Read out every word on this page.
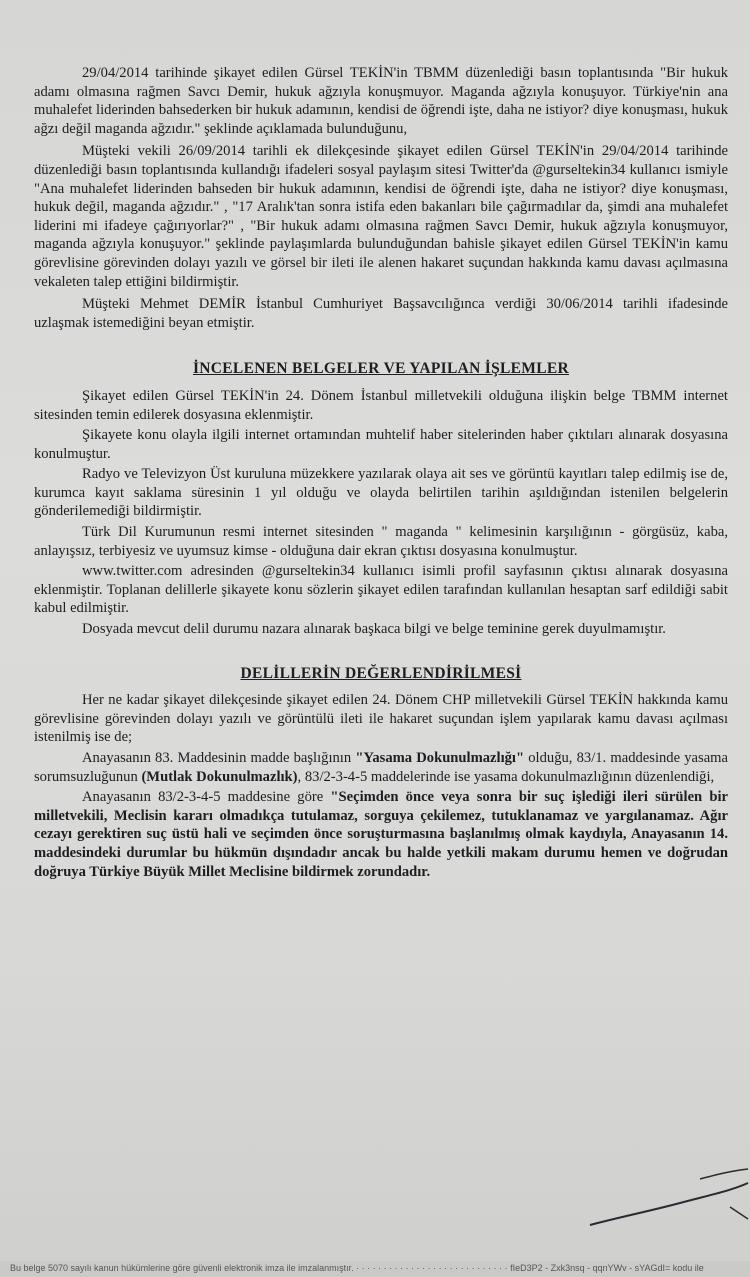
29/04/2014 tarihinde şikayet edilen Gürsel TEKİN'in TBMM düzenlediği basın toplantısında "Bir hukuk adamı olmasına rağmen Savcı Demir, hukuk ağzıyla konuşmuyor. Maganda ağzıyla konuşuyor. Türkiye'nin ana muhalefet liderinden bahsederken bir hukuk adamının, kendisi de öğrendi işte, daha ne istiyor? diye konuşması, hukuk ağzı değil maganda ağzıdır." şeklinde açıklamada bulunduğunu,

Müşteki vekili 26/09/2014 tarihli ek dilekçesinde şikayet edilen Gürsel TEKİN'in 29/04/2014 tarihinde düzenlediği basın toplantısında kullandığı ifadeleri sosyal paylaşım sitesi Twitter'da @gurseltekin34 kullanıcı ismiyle "Ana muhalefet liderinden bahseden bir hukuk adamının, kendisi de öğrendi işte, daha ne istiyor? diye konuşması, hukuk değil, maganda ağzıdır." , "17 Aralık'tan sonra istifa eden bakanları bile çağırmadılar da, şimdi ana muhalefet liderini mi ifadeye çağırıyorlar?" , "Bir hukuk adamı olmasına rağmen Savcı Demir, hukuk ağzıyla konuşmuyor, maganda ağzıyla konuşuyor." şeklinde paylaşımlarda bulunduğundan bahisle şikayet edilen Gürsel TEKİN'in kamu görevlisine görevinden dolayı yazılı ve görsel bir ileti ile alenen hakaret suçundan hakkında kamu davası açılmasına vekaleten talep ettiğini bildirmiştir.

Müşteki Mehmet DEMİR İstanbul Cumhuriyet Başsavcılığınca verdiği 30/06/2014 tarihli ifadesinde uzlaşmak istemediğini beyan etmiştir.

İNCELENEN BELGELER VE YAPILAN İŞLEMLER

Şikayet edilen Gürsel TEKİN'in 24. Dönem İstanbul milletvekili olduğuna ilişkin belge TBMM internet sitesinden temin edilerek dosyasına eklenmiştir.

Şikayete konu olayla ilgili internet ortamından muhtelif haber sitelerinden haber çıktıları alınarak dosyasına konulmuştur.

Radyo ve Televizyon Üst kuruluna müzekkere yazılarak olaya ait ses ve görüntü kayıtları talep edilmiş ise de, kurumca kayıt saklama süresinin 1 yıl olduğu ve olayda belirtilen tarihin aşıldığından istenilen belgelerin gönderilemediği bildirmiştir.

Türk Dil Kurumunun resmi internet sitesinden " maganda " kelimesinin karşılığının - görgüsüz, kaba, anlayışsız, terbiyesiz ve uyumsuz kimse - olduğuna dair ekran çıktısı dosyasına konulmuştur.

www.twitter.com adresinden @gurseltekin34 kullanıcı isimli profil sayfasının çıktısı alınarak dosyasına eklenmiştir. Toplanan delillerle şikayete konu sözlerin şikayet edilen tarafından kullanılan hesaptan sarf edildiği sabit kabul edilmiştir.

Dosyada mevcut delil durumu nazara alınarak başkaca bilgi ve belge teminine gerek duyulmamıştır.

DELİLLERİN DEĞERLENDİRİLMESİ

Her ne kadar şikayet dilekçesinde şikayet edilen 24. Dönem CHP milletvekili Gürsel TEKİN hakkında kamu görevlisine görevinden dolayı yazılı ve görüntülü ileti ile hakaret suçundan işlem yapılarak kamu davası açılması istenilmiş ise de;

Anayasanın 83. Maddesinin madde başlığının "Yasama Dokunulmazlığı" olduğu, 83/1. maddesinde yasama sorumsuzluğunun (Mutlak Dokunulmazlık), 83/2-3-4-5 maddelerinde ise yasama dokunulmazlığının düzenlendiği,

Anayasanın 83/2-3-4-5 maddesine göre "Seçimden önce veya sonra bir suç işlediği ileri sürülen bir milletvekili, Meclisin kararı olmadıkça tutulamaz, sorguya çekilemez, tutuklanamaz ve yargılanamaz. Ağır cezayı gerektiren suç üstü hali ve seçimden önce soruşturmasına başlanılmış olmak kaydıyla, Anayasanın 14. maddesindeki durumlar bu hükmün dışındadır ancak bu halde yetkili makam durumu hemen ve doğrudan doğruya Türkiye Büyük Millet Meclisine bildirmek zorundadır.

Bu belge 5070 sayılı kanun hükümlerine göre güvenli elektronik imza ile imzalanmıştır. · · · · · · · · · · · · · · · · · · · · · · · · · · · · fIeD3P2 - Zxk3nsq - qqnYWv - sYAGdI= kodu ile
